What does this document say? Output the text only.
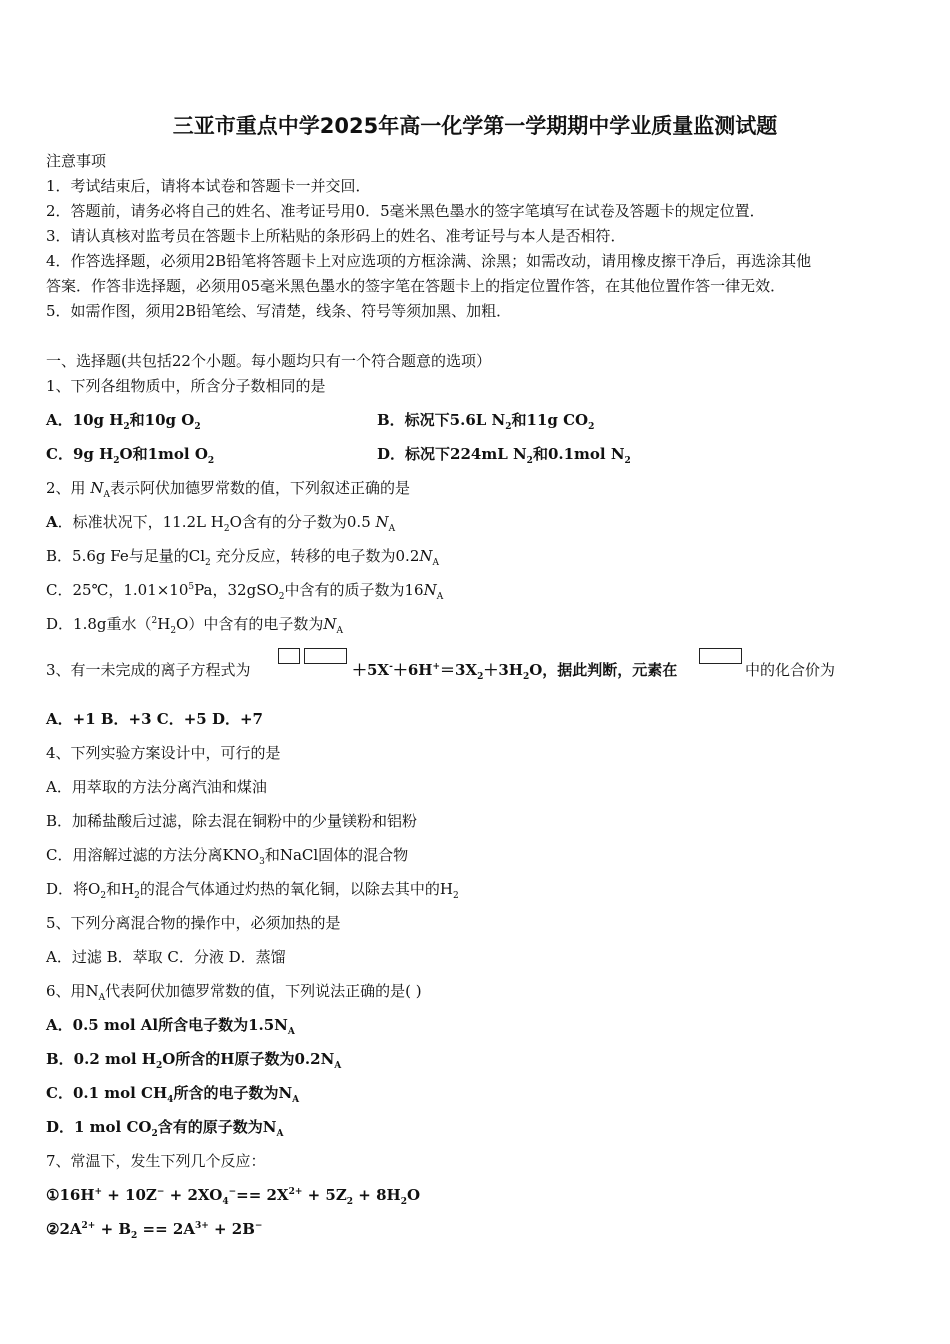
三亚市重点中学2025年高一化学第一学期期中学业质量监测试题
注意事项
1．考试结束后，请将本试卷和答题卡一并交回．
2．答题前，请务必将自己的姓名、准考证号用0．5毫米黑色墨水的签字笔填写在试卷及答题卡的规定位置．
3．请认真核对监考员在答题卡上所粘贴的条形码上的姓名、准考证号与本人是否相符．
4．作答选择题，必须用2B铅笔将答题卡上对应选项的方框涂满、涂黑；如需改动，请用橡皮擦干净后，再选涂其他
答案．作答非选择题，必须用05毫米黑色墨水的签字笔在答题卡上的指定位置作答，在其他位置作答一律无效．
5．如需作图，须用2B铅笔绘、写清楚，线条、符号等须加黑、加粗．
一、选择题(共包括22个小题。每小题均只有一个符合题意的选项）
1、下列各组物质中，所含分子数相同的是
A．10g $H_2$和10g $O_2$	B．标况下5.6L $N_2$和11g $CO_2$
C．9g $H_2O$和1mol $O_2$	D．标况下224mL $N_2$和0.1mol $N_2$
2、用 $N_A$表示阿伏加德罗常数的值，下列叙述正确的是
A．标准状况下，11.2L $H_2O$含有的分子数为0.5 $N_A$
B．5.6g Fe与足量的$Cl_2$ 充分反应，转移的电子数为$0.2N_A$
C．25℃，$1.01\times 10^5Pa$，32gSO$_2$中含有的质子数为$16N_A$
D．1.8g重水$(^2H_2O)$中含有的电子数为$N_A$
3、有一未完成的离子方程式为	$+5X^-+6H^+=3X_2+3H_2O$，据此判断，元素在	中的化合价为
A．+1 B．+3 C．+5 D．+7
4、下列实验方案设计中，可行的是
A．用萃取的方法分离汽油和煤油
B．加稀盐酸后过滤，除去混在铜粉中的少量镁粉和铝粉
C．用溶解过滤的方法分离$KNO_3$和NaCl固体的混合物
D．将$O_2$和$H_2$的混合气体通过灼热的氧化铜，以除去其中的$H_2$
5、下列分离混合物的操作中，必须加热的是
A．过滤 B．萃取 C．分液 D．蒸馏
6、用$N_A$代表阿伏加德罗常数的值，下列说法正确的是( )
A．0.5 mol Al所含电子数为$1.5N_A$
B．0.2 mol $H_2O$所含的H原子数为$0.2N_A$
C．0.1 mol $CH_4$所含的电子数为$N_A$
D．1 mol $CO_2$含有的原子数为$N_A$
7、常温下，发生下列几个反应：
①16H+ + $10Z^- + 2XO_4^-== 2X^{2+} + 5Z_2 + 8H_2O$
$②2A^{2+} + B_2 == 2A^{3+} + 2B^-$
